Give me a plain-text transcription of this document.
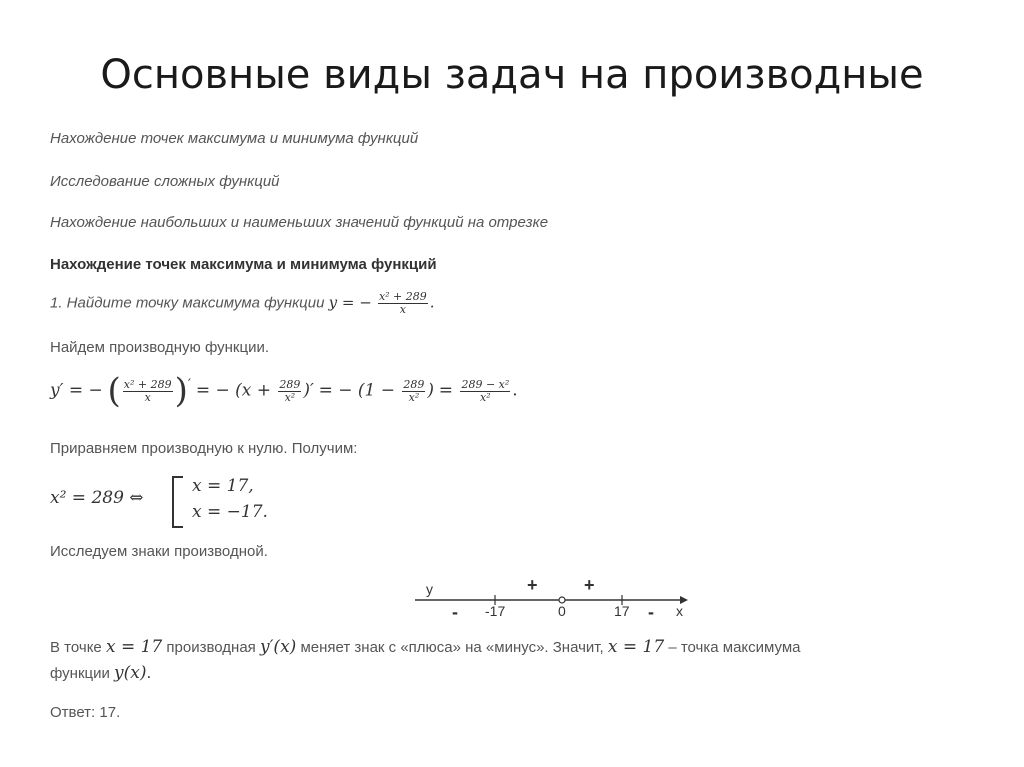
Основные виды задач на производные
Нахождение точек максимума и минимума функций
Исследование сложных функций
Нахождение наибольших и наименьших значений функций на отрезке
Нахождение точек максимума и минимума функций
1. Найдите точку максимума функции y = − $\frac{\text{x² + 289}}{x}$ .
Найдем производную функции.
y′ = − ( $\frac{\text{x² + 289}}{x} )'$ = − ($x + \frac{289}{\text{x²}}$ )′ = − ($1 - \frac{289}{\text{x²}}$ ) = $\frac{\text{289 − x²}}{\text{x²}}$ .
Приравняем производную к нулю. Получим:
x² = 289 ⇔
x = 17,
x = −17.
Исследуем знаки производной.
y	+	+
- -17	0	17 - x
В точке x = 17 производная y′(x) меняет знак с «плюса» на «минус». Значит, x = 17 – точка максимума
функции y(x).
Ответ: 17.
